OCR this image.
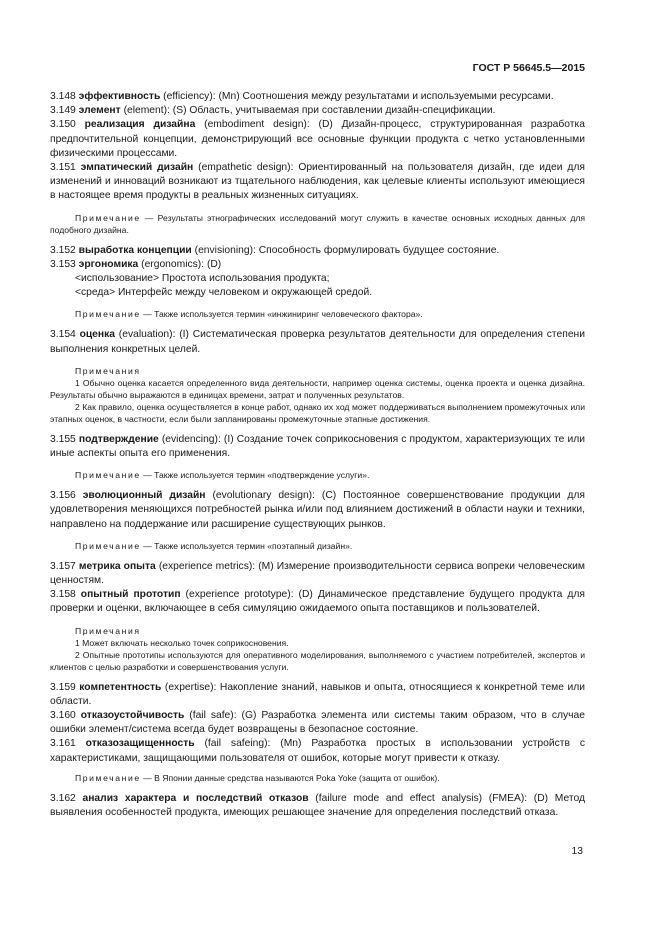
ГОСТ Р 56645.5—2015

3.148 эффективность (efficiency): (Mn) Соотношения между результатами и используемыми ресурсами.

3.149 элемент (element): (S) Область, учитываемая при составлении дизайн-спецификации.

3.150 реализация дизайна (embodiment design): (D) Дизайн-процесс, структурированная разработка предпочтительной концепции, демонстрирующий все основные функции продукта с четко установленными физическими процессами.

3.151 эмпатический дизайн (empathetic design): Ориентированный на пользователя дизайн, где идеи для изменений и инноваций возникают из тщательного наблюдения, как целевые клиенты используют имеющиеся в настоящее время продукты в реальных жизненных ситуациях.

Примечание — Результаты этнографических исследований могут служить в качестве основных исходных данных для подобного дизайна.

3.152 выработка концепции (envisioning): Способность формулировать будущее состояние.

3.153 эргономика (ergonomics): (D)

<использование> Простота использования продукта;

<среда> Интерфейс между человеком и окружающей средой.

Примечание — Также используется термин «инжиниринг человеческого фактора».

3.154 оценка (evaluation): (I) Систематическая проверка результатов деятельности для определения степени выполнения конкретных целей.

Примечания

1 Обычно оценка касается определенного вида деятельности, например оценка системы, оценка проекта и оценка дизайна. Результаты обычно выражаются в единицах времени, затрат и полученных результатов.

2 Как правило, оценка осуществляется в конце работ, однако их ход может поддерживаться выполнением промежуточных или этапных оценок, в частности, если были запланированы промежуточные этапные достижения.

3.155 подтверждение (evidencing): (I) Создание точек соприкосновения с продуктом, характеризующих те или иные аспекты опыта его применения.

Примечание — Также используется термин «подтверждение услуги».

3.156 эволюционный дизайн (evolutionary design): (C) Постоянное совершенствование продукции для удовлетворения меняющихся потребностей рынка и/или под влиянием достижений в области науки и техники, направлено на поддержание или расширение существующих рынков.

Примечание — Также используется термин «поэтапный дизайн».

3.157 метрика опыта (experience metrics): (M) Измерение производительности сервиса вопреки человеческим ценностям.

3.158 опытный прототип (experience prototype): (D) Динамическое представление будущего продукта для проверки и оценки, включающее в себя симуляцию ожидаемого опыта поставщиков и пользователей.

Примечания

1 Может включать несколько точек соприкосновения.

2 Опытные прототипы используются для оперативного моделирования, выполняемого с участием потребителей, экспертов и клиентов с целью разработки и совершенствования услуги.

3.159 компетентность (expertise): Накопление знаний, навыков и опыта, относящиеся к конкретной теме или области.

3.160 отказоустойчивость (fail safe): (G) Разработка элемента или системы таким образом, что в случае ошибки элемент/система всегда будет возвращены в безопасное состояние.

3.161 отказозащищенность (fail safeing): (Mn) Разработка простых в использовании устройств с характеристиками, защищающими пользователя от ошибок, которые могут привести к отказу.

Примечание — В Японии данные средства называются Poka Yoke (защита от ошибок).

3.162 анализ характера и последствий отказов (failure mode and effect analysis) (FMEA): (D) Метод выявления особенностей продукта, имеющих решающее значение для определения последствий отказа.

13
